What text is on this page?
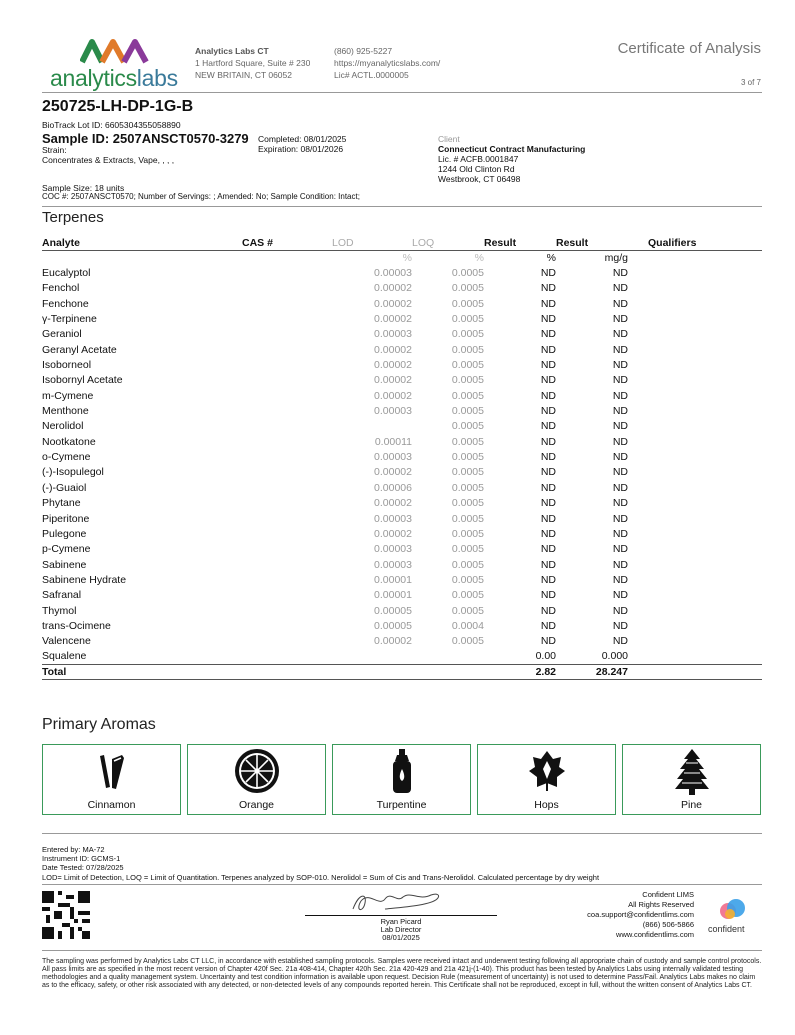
analyticslabs
Analytics Labs CT
1 Hartford Square, Suite # 230
NEW BRITAIN, CT 06052
(860) 925-5227
https://myanalyticslabs.com/
Lic# ACTL.0000005
Certificate of Analysis
3 of 7
250725-LH-DP-1G-B
BioTrack Lot ID: 6605304355058890
Sample ID: 2507ANSCT0570-3279
Strain:
Concentrates & Extracts, Vape, , , ,
Completed: 08/01/2025
Expiration: 08/01/2026
Client
Connecticut Contract Manufacturing
Lic. # ACFB.0001847
1244 Old Clinton Rd
Westbrook, CT 06498
Sample Size: 18 units
COC #: 2507ANSCT0570; Number of Servings: ; Amended: No; Sample Condition: Intact;
Terpenes
Analyte	CAS #	LOD	LOQ	Result	Result	Qualifiers
		%	%	%	mg/g	
Eucalyptol		0.00003	0.0005	ND	ND	
Fenchol		0.00002	0.0005	ND	ND	
Fenchone		0.00002	0.0005	ND	ND	
γ-Terpinene		0.00002	0.0005	ND	ND	
Geraniol		0.00003	0.0005	ND	ND	
Geranyl Acetate		0.00002	0.0005	ND	ND	
Isoborneol		0.00002	0.0005	ND	ND	
Isobornyl Acetate		0.00002	0.0005	ND	ND	
m-Cymene		0.00002	0.0005	ND	ND	
Menthone		0.00003	0.0005	ND	ND	
Nerolidol			0.0005	ND	ND	
Nootkatone		0.00011	0.0005	ND	ND	
o-Cymene		0.00003	0.0005	ND	ND	
(-)-Isopulegol		0.00002	0.0005	ND	ND	
(-)-Guaiol		0.00006	0.0005	ND	ND	
Phytane		0.00002	0.0005	ND	ND	
Piperitone		0.00003	0.0005	ND	ND	
Pulegone		0.00002	0.0005	ND	ND	
p-Cymene		0.00003	0.0005	ND	ND	
Sabinene		0.00003	0.0005	ND	ND	
Sabinene Hydrate		0.00001	0.0005	ND	ND	
Safranal		0.00001	0.0005	ND	ND	
Thymol		0.00005	0.0005	ND	ND	
trans-Ocimene		0.00005	0.0004	ND	ND	
Valencene		0.00002	0.0005	ND	ND	
Squalene				0.00	0.000	
Total				2.82	28.247	
Primary Aromas
Cinnamon	Orange	Turpentine	Hops	Pine
Entered by: MA-72
Instrument ID: GCMS-1
Date Tested: 07/28/2025
LOD= Limit of Detection, LOQ = Limit of Quantitation. Terpenes analyzed by SOP-010. Nerolidol = Sum of Cis and Trans-Nerolidol. Calculated percentage by dry weight
Ryan Picard
Lab Director
08/01/2025
Confident LIMS
All Rights Reserved
coa.support@confidentlims.com
(866) 506-5866
www.confidentlims.com
confident
The sampling was performed by Analytics Labs CT LLC, in accordance with established sampling protocols. Samples were received intact and underwent testing following all appropriate chain of custody and sample control protocols. All pass limits are as specified in the most recent version of Chapter 420f Sec. 21a 408-414, Chapter 420h Sec. 21a 420-429 and 21a 421j-(1-40). This product has been tested by Analytics Labs using internally validated testing methodologies and a quality management system. Uncertainty and test condition information is available upon request. Decision Rule (measurement of uncertainty) is not used to determine Pass/Fail. Analytics Labs makes no claim as to the efficacy, safety, or other risk associated with any detected, or non-detected levels of any compounds reported herein. This Certificate shall not be reproduced, except in full, without the written consent of Analytics Labs CT.
